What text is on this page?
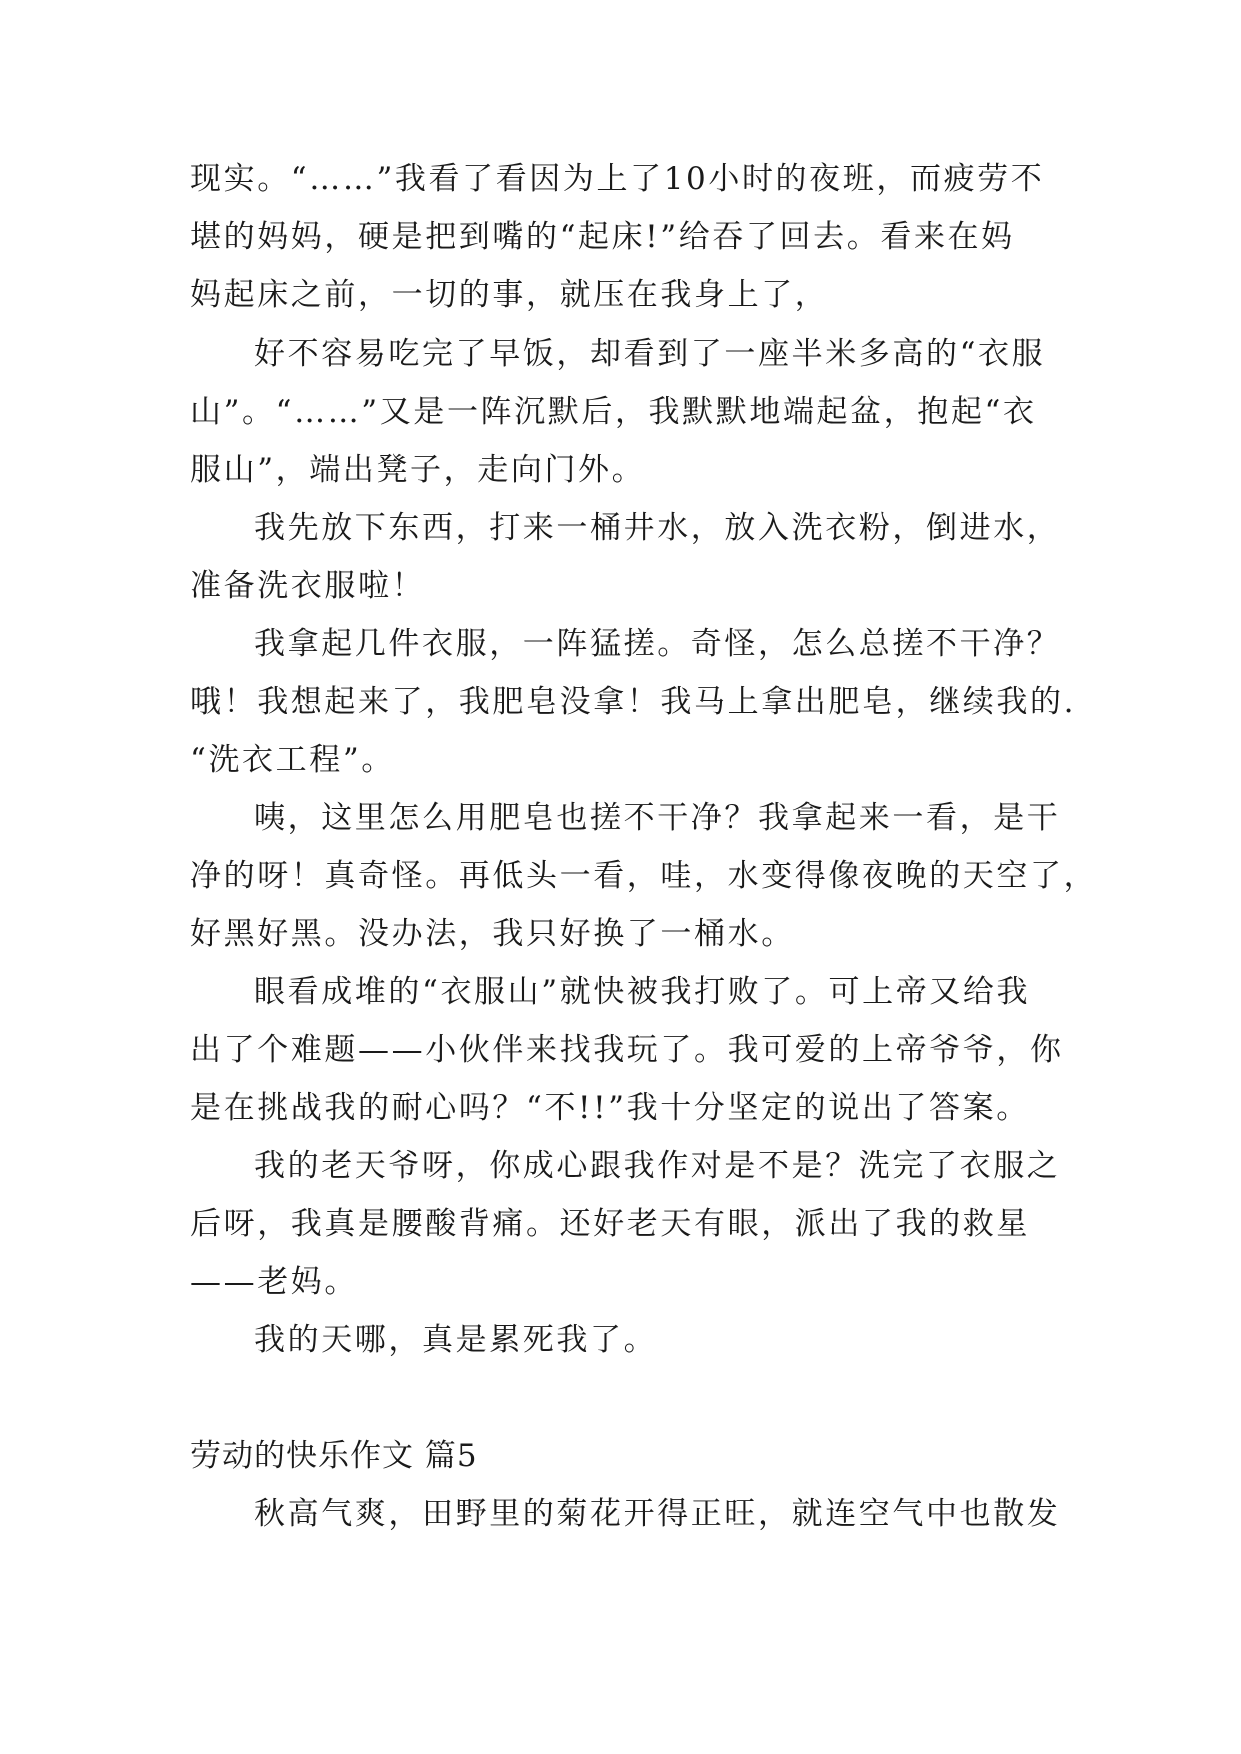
现实。“……”我看了看因为上了10小时的夜班，而疲劳不
堪的妈妈，硬是把到嘴的“起床!”给吞了回去。看来在妈
妈起床之前，一切的事，就压在我身上了，
好不容易吃完了早饭，却看到了一座半米多高的“衣服
山”。“……”又是一阵沉默后，我默默地端起盆，抱起“衣
服山”，端出凳子，走向门外。
我先放下东西，打来一桶井水，放入洗衣粉，倒进水，
准备洗衣服啦！
我拿起几件衣服，一阵猛搓。奇怪，怎么总搓不干净？
哦！我想起来了，我肥皂没拿！我马上拿出肥皂，继续我的.
“洗衣工程”。
咦，这里怎么用肥皂也搓不干净？我拿起来一看，是干
净的呀！真奇怪。再低头一看，哇，水变得像夜晚的天空了，
好黑好黑。没办法，我只好换了一桶水。
眼看成堆的“衣服山”就快被我打败了。可上帝又给我
出了个难题——小伙伴来找我玩了。我可爱的上帝爷爷，你
是在挑战我的耐心吗？“不!!”我十分坚定的说出了答案。
我的老天爷呀，你成心跟我作对是不是？洗完了衣服之
后呀，我真是腰酸背痛。还好老天有眼，派出了我的救星
——老妈。
我的天哪，真是累死我了。
劳动的快乐作文 篇5
秋高气爽，田野里的菊花开得正旺，就连空气中也散发
